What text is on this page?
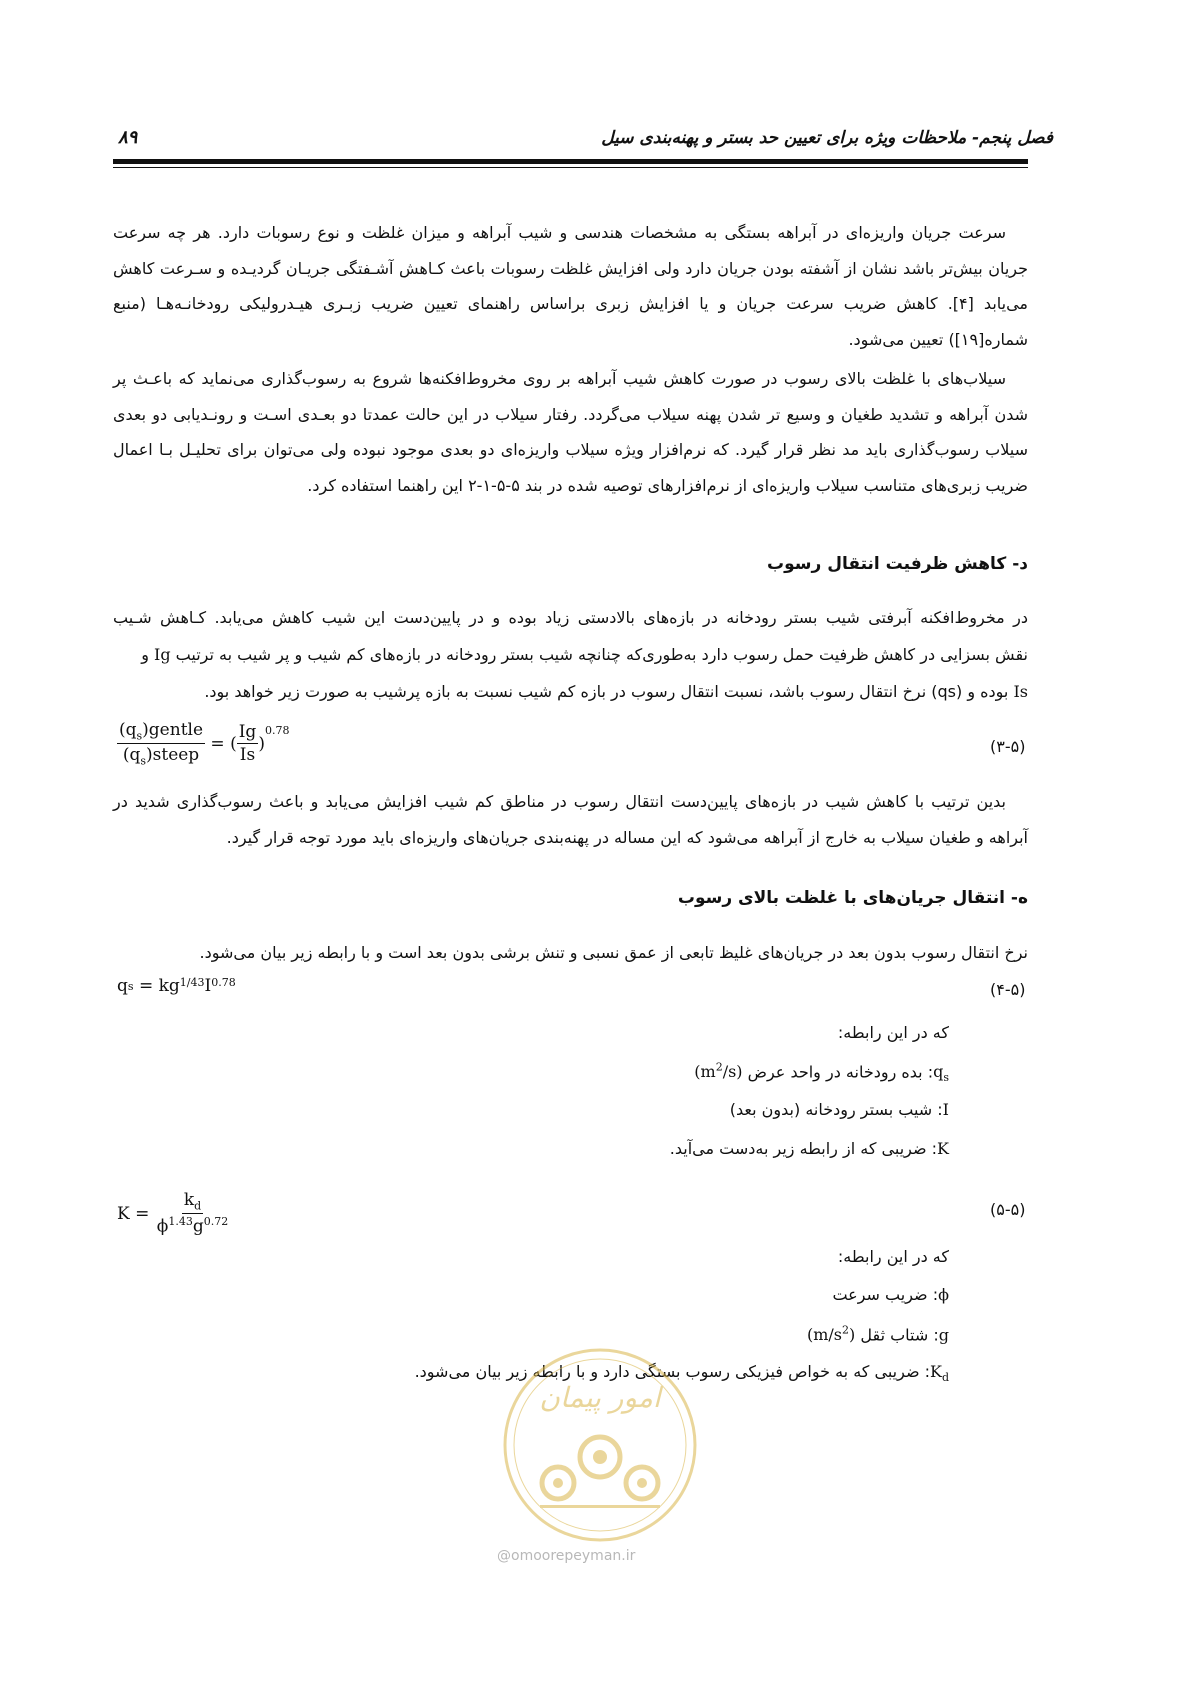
فصل پنجم- ملاحظات ویژه برای تعیین حد بستر و پهنه‌بندی سیل
۸۹

سرعت جریان واریزه‌ای در آبراهه بستگی به مشخصات هندسی و شیب آبراهه و میزان غلظت و نوع رسوبات دارد. هر چه سرعت جریان بیش‌تر باشد نشان از آشفته بودن جریان دارد ولی افزایش غلظت رسوبات باعث کـاهش آشـفتگی جریـان گردیـده و سـرعت کاهش می‌یابد [۴]. کاهش ضریب سرعت جریان و یا افزایش زبری براساس راهنمای تعیین ضریب زبـری هیـدرولیکی رودخانـه‌هـا (منبع شماره[۱۹]) تعیین می‌شود.

سیلاب‌های با غلظت بالای رسوب در صورت کاهش شیب آبراهه بر روی مخروط‌افکنه‌ها شروع به رسوب‌گذاری می‌نماید که باعـث پر شدن آبراهه و تشدید طغیان و وسیع تر شدن پهنه سیلاب می‌گردد. رفتار سیلاب در این حالت عمدتا دو بعـدی اسـت و رونـدیابی دو بعدی سیلاب رسوب‌گذاری باید مد نظر قرار گیرد. که نرم‌افزار ویژه سیلاب واریزه‌ای دو بعدی موجود نبوده ولی می‌توان برای تحلیـل بـا اعمال ضریب زبری‌های متناسب سیلاب واریزه‌ای از نرم‌افزارهای توصیه شده در بند ۵-۵-۱-۲ این راهنما استفاده کرد.

د- کاهش ظرفیت انتقال رسوب
در مخروط‌افکنه آبرفتی شیب بستر رودخانه در بازه‌های بالادستی زیاد بوده و در پایین‌دست این شیب کاهش می‌یابد. کـاهش شـیب
نقش بسزایی در کاهش ظرفیت حمل رسوب دارد به‌طوری‌که چنانچه شیب بستر رودخانه در بازه‌های کم شیب و پر شیب به ترتیب Ig و
Is بوده و (qs) نرخ انتقال رسوب باشد، نسبت انتقال رسوب در بازه کم شیب نسبت به بازه پرشیب به صورت زیر خواهد بود.
$\frac{(q_s)gentle}{(q_s)steep}$ = ( $\frac{Ig}{Is}$ )
$^{0.78}$
(۳-۵)

بدین ترتیب با کاهش شیب در بازه‌های پایین‌دست انتقال رسوب در مناطق کم شیب افزایش می‌یابد و باعث رسوب‌گذاری شدید در آبراهه و طغیان سیلاب به خارج از آبراهه می‌شود که این مساله در پهنه‌بندی جریان‌های واریزه‌ای باید مورد توجه قرار گیرد.

ه- انتقال جریان‌های با غلظت بالای رسوب
نرخ انتقال رسوب بدون بعد در جریان‌های غلیظ تابعی از عمق نسبی و تنش برشی بدون بعد است و با رابطه زیر بیان می‌شود.
q $s = kg^{1/43}$ $I^{0.78}$	(۴-۵)
که در این رابطه:
$q_s$: بده رودخانه در واحد عرض $(m^2/s)$
I: شیب بستر رودخانه (بدون بعد)
K: ضریبی که از رابطه زیر به‌دست می‌آید.
$K = \frac{k_d}{\phi^{1.43}g^{0.72}}$	(۵-۵)
که در این رابطه:
ϕ: ضریب سرعت
g: شتاب ثقل $(m/s^2)$
$K_d$: ضریبی که به خواص فیزیکی رسوب بستگی دارد و با رابطه زیر بیان می‌شود.
امور پیمان
@omoorepeyman.ir
